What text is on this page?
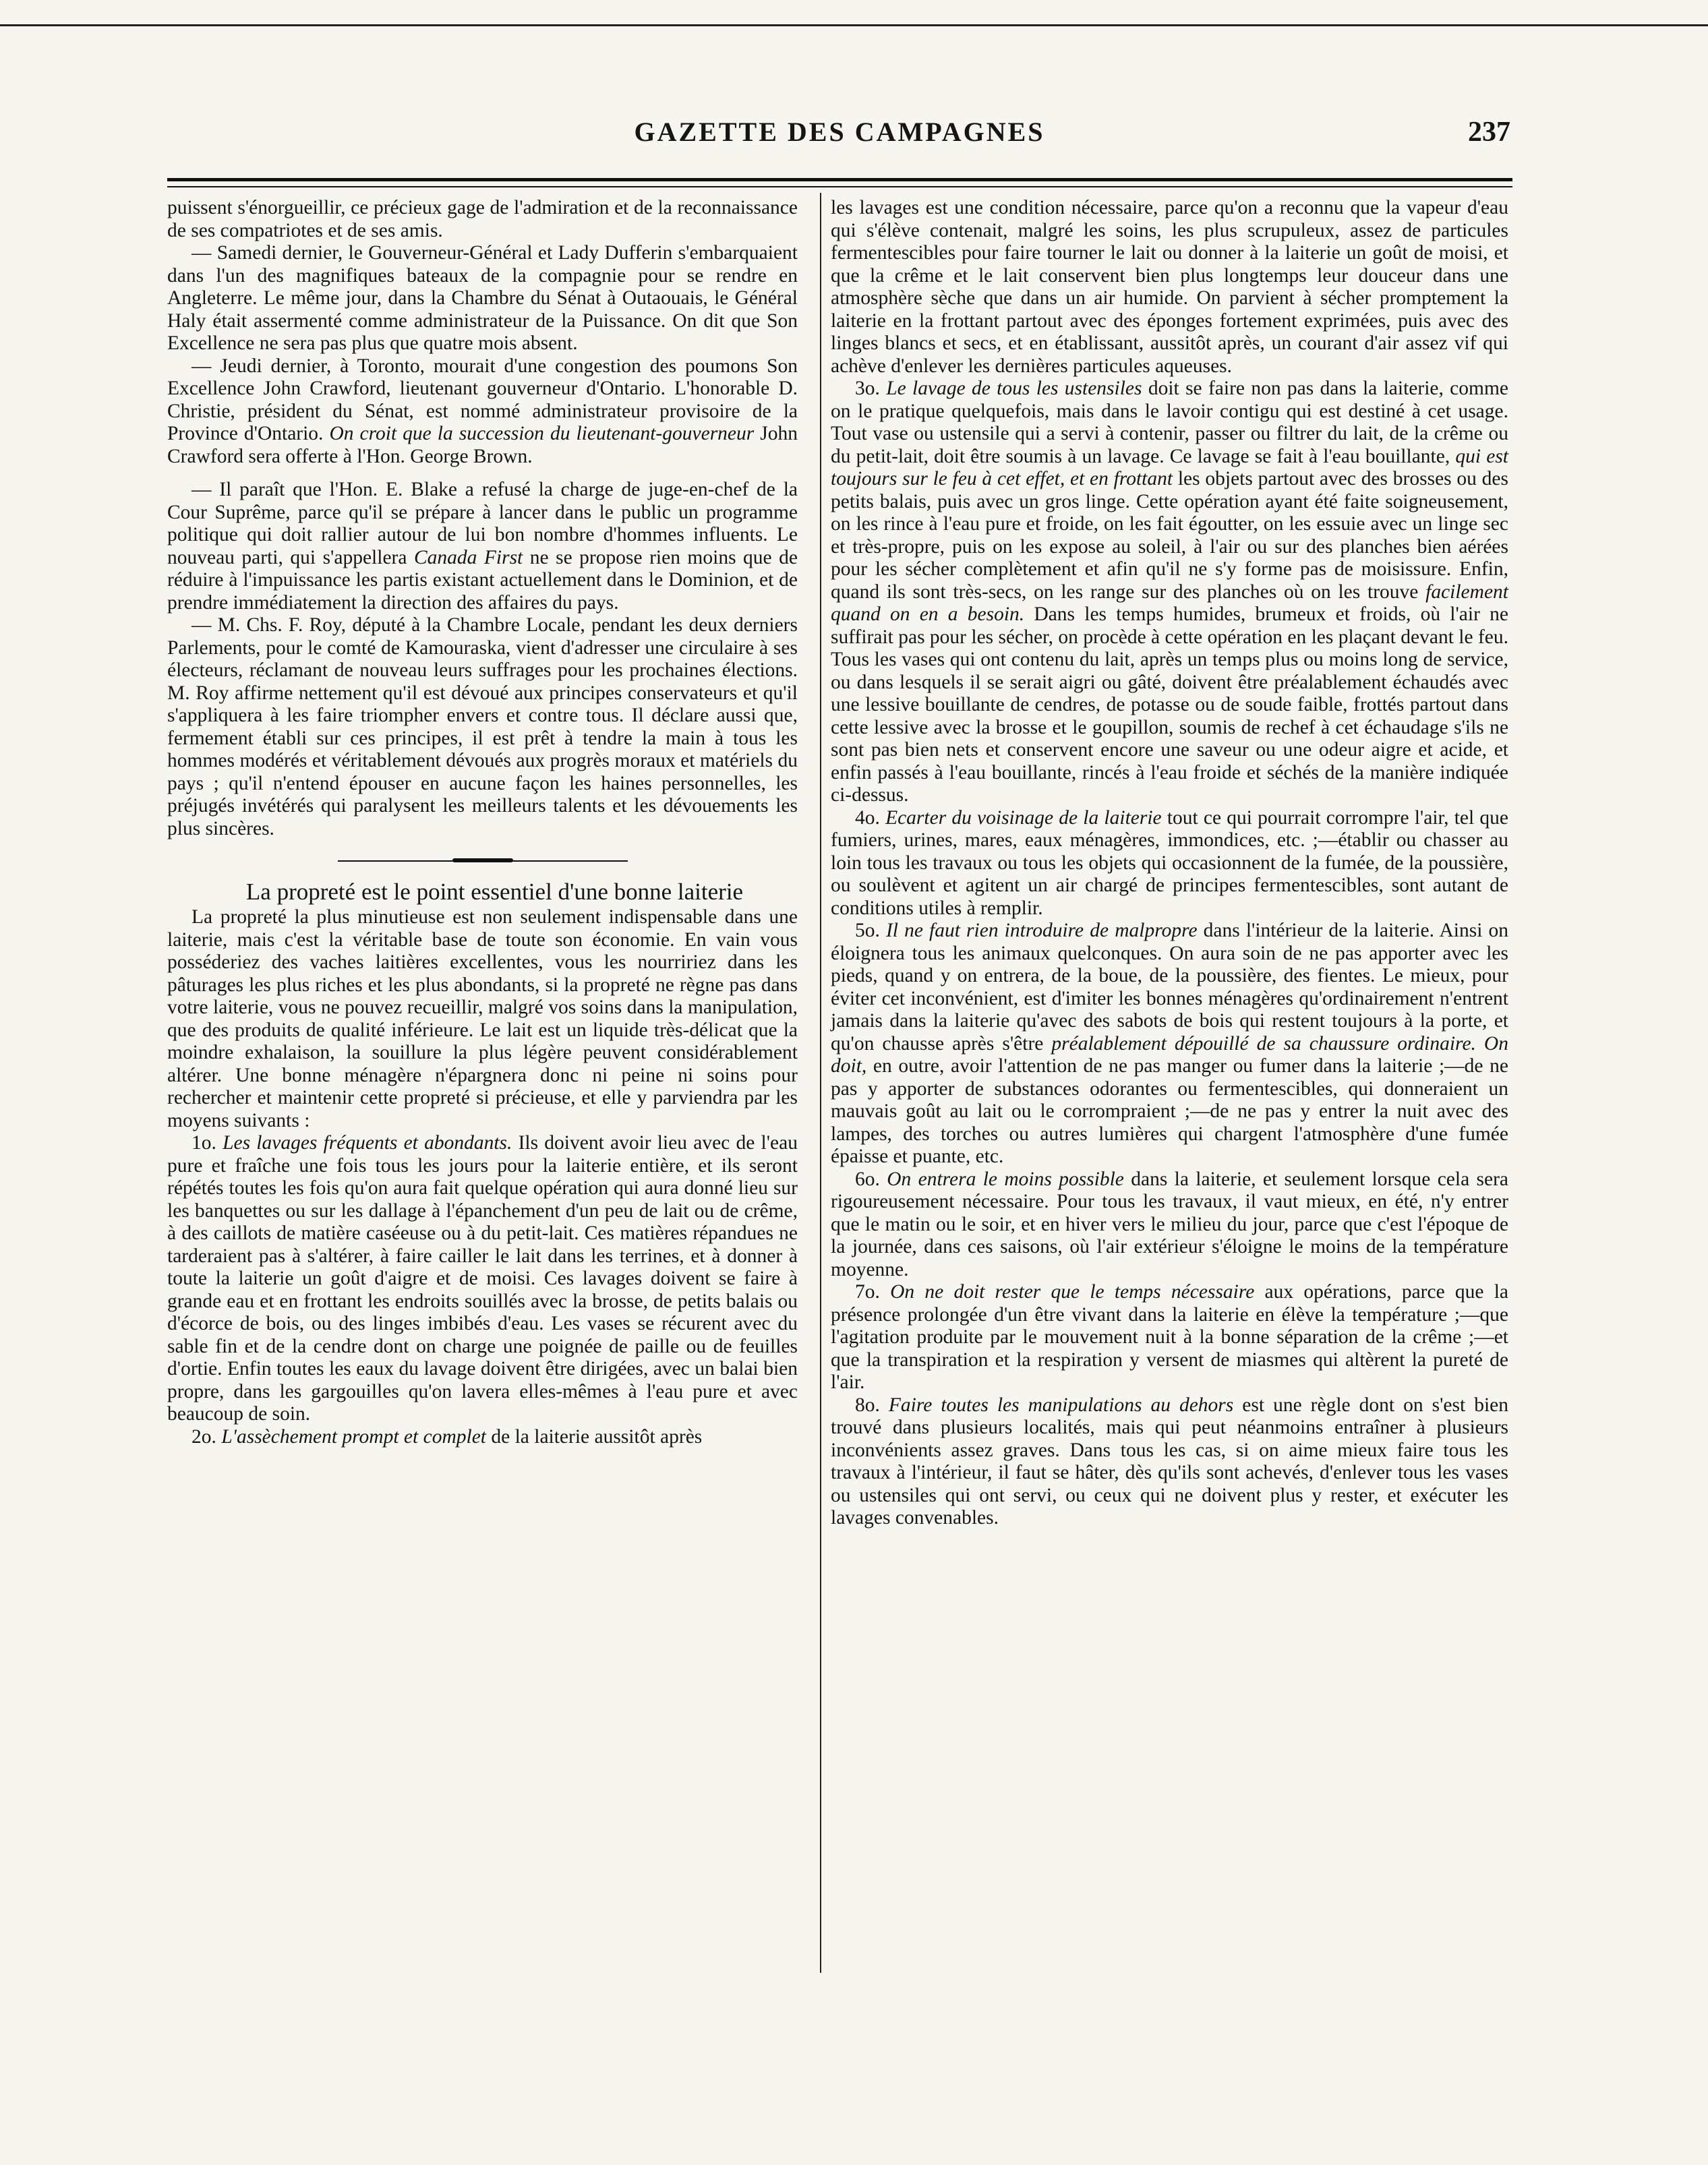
GAZETTE DES CAMPAGNES	237

puissent s'énorgueillir, ce précieux gage de l'admiration et de la reconnaissance de ses compatriotes et de ses amis.

— Samedi dernier, le Gouverneur-Général et Lady Dufferin s'embarquaient dans l'un des magnifiques bateaux de la compagnie pour se rendre en Angleterre. Le même jour, dans la Chambre du Sénat à Outaouais, le Général Haly était assermenté comme administrateur de la Puissance. On dit que Son Excellence ne sera pas plus que quatre mois absent.

— Jeudi dernier, à Toronto, mourait d'une congestion des poumons Son Excellence John Crawford, lieutenant gouverneur d'Ontario. L'honorable D. Christie, président du Sénat, est nommé administrateur provisoire de la Province d'Ontario. On croit que la succession du lieutenant-gouverneur John Crawford sera offerte à l'Hon. George Brown.

— Il paraît que l'Hon. E. Blake a refusé la charge de juge-en-chef de la Cour Suprême, parce qu'il se prépare à lancer dans le public un programme politique qui doit rallier autour de lui bon nombre d'hommes influents. Le nouveau parti, qui s'appellera Canada First ne se propose rien moins que de réduire à l'impuissance les partis existant actuellement dans le Dominion, et de prendre immédiatement la direction des affaires du pays.

— M. Chs. F. Roy, député à la Chambre Locale, pendant les deux derniers Parlements, pour le comté de Kamouraska, vient d'adresser une circulaire à ses électeurs, réclamant de nouveau leurs suffrages pour les prochaines élections. M. Roy affirme nettement qu'il est dévoué aux principes conservateurs et qu'il s'appliquera à les faire triompher envers et contre tous. Il déclare aussi que, fermement établi sur ces principes, il est prêt à tendre la main à tous les hommes modérés et véritablement dévoués aux progrès moraux et matériels du pays ; qu'il n'entend épouser en aucune façon les haines personnelles, les préjugés invétérés qui paralysent les meilleurs talents et les dévouements les plus sincères.

La propreté est le point essentiel d'une bonne laiterie

La propreté la plus minutieuse est non seulement indispensable dans une laiterie, mais c'est la véritable base de toute son économie. En vain vous posséderiez des vaches laitières excellentes, vous les nourririez dans les pâturages les plus riches et les plus abondants, si la propreté ne règne pas dans votre laiterie, vous ne pouvez recueillir, malgré vos soins dans la manipulation, que des produits de qualité inférieure. Le lait est un liquide très-délicat que la moindre exhalaison, la souillure la plus légère peuvent considérablement altérer. Une bonne ménagère n'épargnera donc ni peine ni soins pour rechercher et maintenir cette propreté si précieuse, et elle y parviendra par les moyens suivants :

1o. Les lavages fréquents et abondants. Ils doivent avoir lieu avec de l'eau pure et fraîche une fois tous les jours pour la laiterie entière, et ils seront répétés toutes les fois qu'on aura fait quelque opération qui aura donné lieu sur les banquettes ou sur les dallage à l'épanchement d'un peu de lait ou de crême, à des caillots de matière caséeuse ou à du petit-lait. Ces matières répandues ne tarderaient pas à s'altérer, à faire cailler le lait dans les terrines, et à donner à toute la laiterie un goût d'aigre et de moisi. Ces lavages doivent se faire à grande eau et en frottant les endroits souillés avec la brosse, de petits balais ou d'écorce de bois, ou des linges imbibés d'eau. Les vases se récurent avec du sable fin et de la cendre dont on charge une poignée de paille ou de feuilles d'ortie. Enfin toutes les eaux du lavage doivent être dirigées, avec un balai bien propre, dans les gargouilles qu'on lavera elles-mêmes à l'eau pure et avec beaucoup de soin.

2o. L'assèchement prompt et complet de la laiterie aussitôt après

les lavages est une condition nécessaire, parce qu'on a reconnu que la vapeur d'eau qui s'élève contenait, malgré les soins, les plus scrupuleux, assez de particules fermentescibles pour faire tourner le lait ou donner à la laiterie un goût de moisi, et que la crême et le lait conservent bien plus longtemps leur douceur dans une atmosphère sèche que dans un air humide. On parvient à sécher promptement la laiterie en la frottant partout avec des éponges fortement exprimées, puis avec des linges blancs et secs, et en établissant, aussitôt après, un courant d'air assez vif qui achève d'enlever les dernières particules aqueuses.

3o. Le lavage de tous les ustensiles doit se faire non pas dans la laiterie, comme on le pratique quelquefois, mais dans le lavoir contigu qui est destiné à cet usage. Tout vase ou ustensile qui a servi à contenir, passer ou filtrer du lait, de la crême ou du petit-lait, doit être soumis à un lavage. Ce lavage se fait à l'eau bouillante, qui est toujours sur le feu à cet effet, et en frottant les objets partout avec des brosses ou des petits balais, puis avec un gros linge. Cette opération ayant été faite soigneusement, on les rince à l'eau pure et froide, on les fait égoutter, on les essuie avec un linge sec et très-propre, puis on les expose au soleil, à l'air ou sur des planches bien aérées pour les sécher complètement et afin qu'il ne s'y forme pas de moisissure. Enfin, quand ils sont très-secs, on les range sur des planches où on les trouve facilement quand on en a besoin. Dans les temps humides, brumeux et froids, où l'air ne suffirait pas pour les sécher, on procède à cette opération en les plaçant devant le feu. Tous les vases qui ont contenu du lait, après un temps plus ou moins long de service, ou dans lesquels il se serait aigri ou gâté, doivent être préalablement échaudés avec une lessive bouillante de cendres, de potasse ou de soude faible, frottés partout dans cette lessive avec la brosse et le goupillon, soumis de rechef à cet échaudage s'ils ne sont pas bien nets et conservent encore une saveur ou une odeur aigre et acide, et enfin passés à l'eau bouillante, rincés à l'eau froide et séchés de la manière indiquée ci-dessus.

4o. Ecarter du voisinage de la laiterie tout ce qui pourrait corrompre l'air, tel que fumiers, urines, mares, eaux ménagères, immondices, etc. ;—établir ou chasser au loin tous les travaux ou tous les objets qui occasionnent de la fumée, de la poussière, ou soulèvent et agitent un air chargé de principes fermentescibles, sont autant de conditions utiles à remplir.

5o. Il ne faut rien introduire de malpropre dans l'intérieur de la laiterie. Ainsi on éloignera tous les animaux quelconques. On aura soin de ne pas apporter avec les pieds, quand y on entrera, de la boue, de la poussière, des fientes. Le mieux, pour éviter cet inconvénient, est d'imiter les bonnes ménagères qu'ordinairement n'entrent jamais dans la laiterie qu'avec des sabots de bois qui restent toujours à la porte, et qu'on chausse après s'être préalablement dépouillé de sa chaussure ordinaire. On doit, en outre, avoir l'attention de ne pas manger ou fumer dans la laiterie ;—de ne pas y apporter de substances odorantes ou fermentescibles, qui donneraient un mauvais goût au lait ou le corrompraient ;—de ne pas y entrer la nuit avec des lampes, des torches ou autres lumières qui chargent l'atmosphère d'une fumée épaisse et puante, etc.

6o. On entrera le moins possible dans la laiterie, et seulement lorsque cela sera rigoureusement nécessaire. Pour tous les travaux, il vaut mieux, en été, n'y entrer que le matin ou le soir, et en hiver vers le milieu du jour, parce que c'est l'époque de la journée, dans ces saisons, où l'air extérieur s'éloigne le moins de la température moyenne.

7o. On ne doit rester que le temps nécessaire aux opérations, parce que la présence prolongée d'un être vivant dans la laiterie en élève la température ;—que l'agitation produite par le mouvement nuit à la bonne séparation de la crême ;—et que la transpiration et la respiration y versent de miasmes qui altèrent la pureté de l'air.

8o. Faire toutes les manipulations au dehors est une règle dont on s'est bien trouvé dans plusieurs localités, mais qui peut néanmoins entraîner à plusieurs inconvénients assez graves. Dans tous les cas, si on aime mieux faire tous les travaux à l'intérieur, il faut se hâter, dès qu'ils sont achevés, d'enlever tous les vases ou ustensiles qui ont servi, ou ceux qui ne doivent plus y rester, et exécuter les lavages convenables.
